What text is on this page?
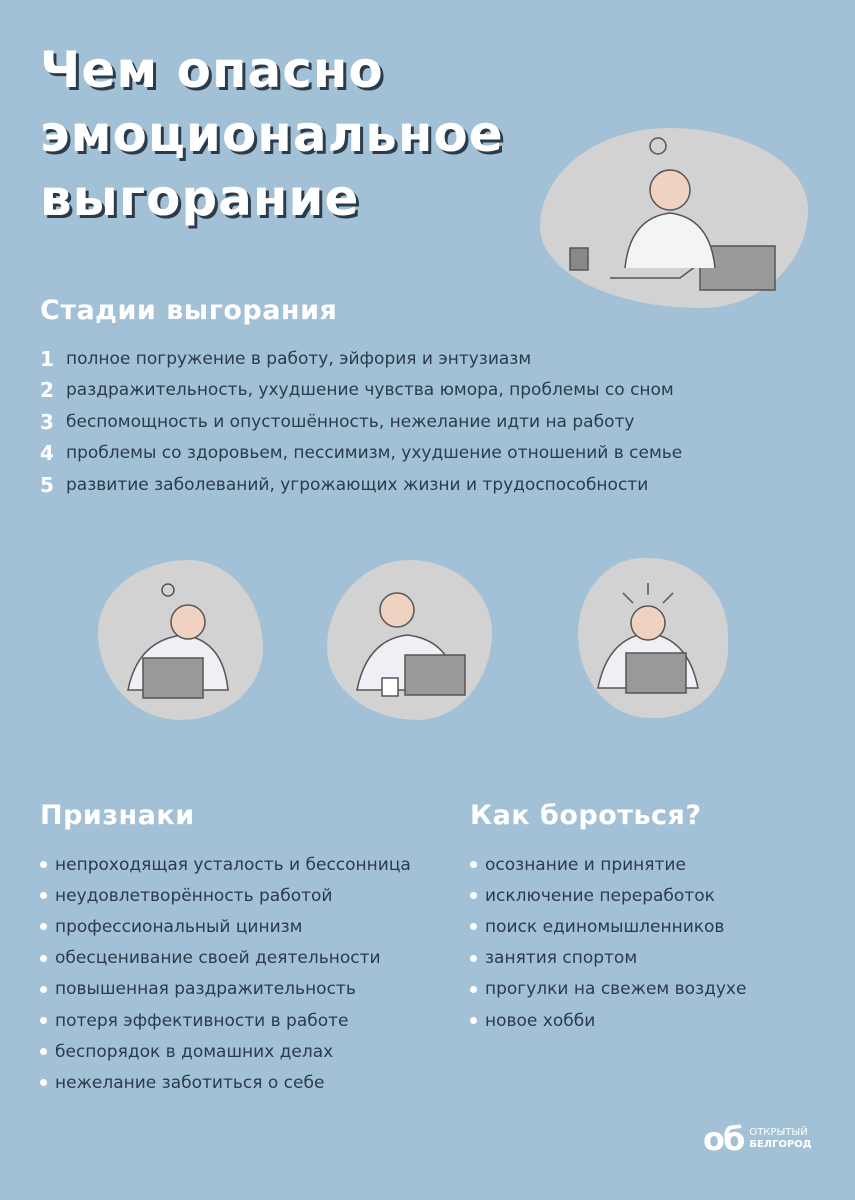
Чем опасно
эмоциональное
выгорание
Стадии выгорания
1 полное погружение в работу, эйфория и энтузиазм
2 раздражительность, ухудшение чувства юмора, проблемы со сном
3 беспомощность и опустошённость, нежелание идти на работу
4 проблемы со здоровьем, пессимизм, ухудшение отношений в семье
5 развитие заболеваний, угрожающих жизни и трудоспособности
Признаки
непроходящая усталость и бессонница
неудовлетворённость работой
профессиональный цинизм
обесценивание своей деятельности
повышенная раздражительность
потеря эффективности в работе
беспорядок в домашних делах
нежелание заботиться о себе
Как бороться?
осознание и принятие
исключение переработок
поиск единомышленников
занятия спортом
прогулки на свежем воздухе
новое хобби
об ОТКРЫТЫЙ
БЕЛГОРОД
